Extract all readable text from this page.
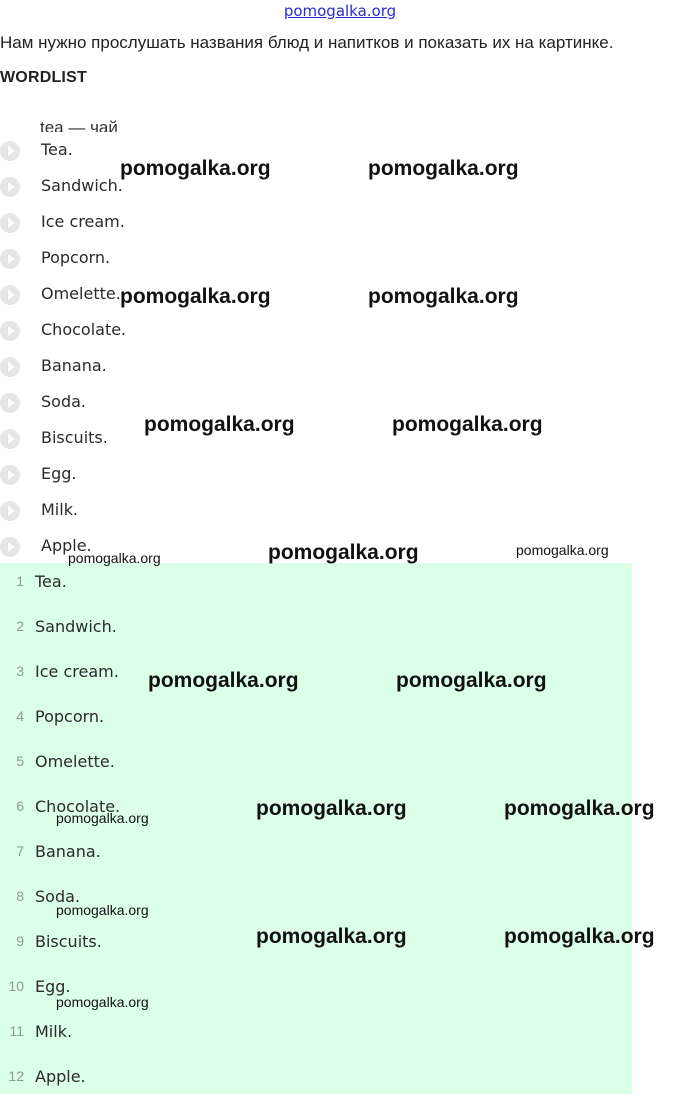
pomogalka.org
Нам нужно прослушать названия блюд и напитков и показать их на картинке.
WORDLIST
tea — чай
Tea.
Sandwich.
Ice cream.
Popcorn.
Omelette.
Chocolate.
Banana.
Soda.
Biscuits.
Egg.
Milk.
Apple.
1 Tea.
2 Sandwich.
3 Ice cream.
4 Popcorn.
5 Omelette.
6 Chocolate.
7 Banana.
8 Soda.
9 Biscuits.
10 Egg.
11 Milk.
12 Apple.
pomogalka.org	pomogalka.org
pomogalka.org	pomogalka.org
pomogalka.org	pomogalka.org
pomogalka.org	pomogalka.org	pomogalka.org
pomogalka.org	pomogalka.org
pomogalka.org	pomogalka.org	pomogalka.org
pomogalka.org
pomogalka.org	pomogalka.org
pomogalka.org
